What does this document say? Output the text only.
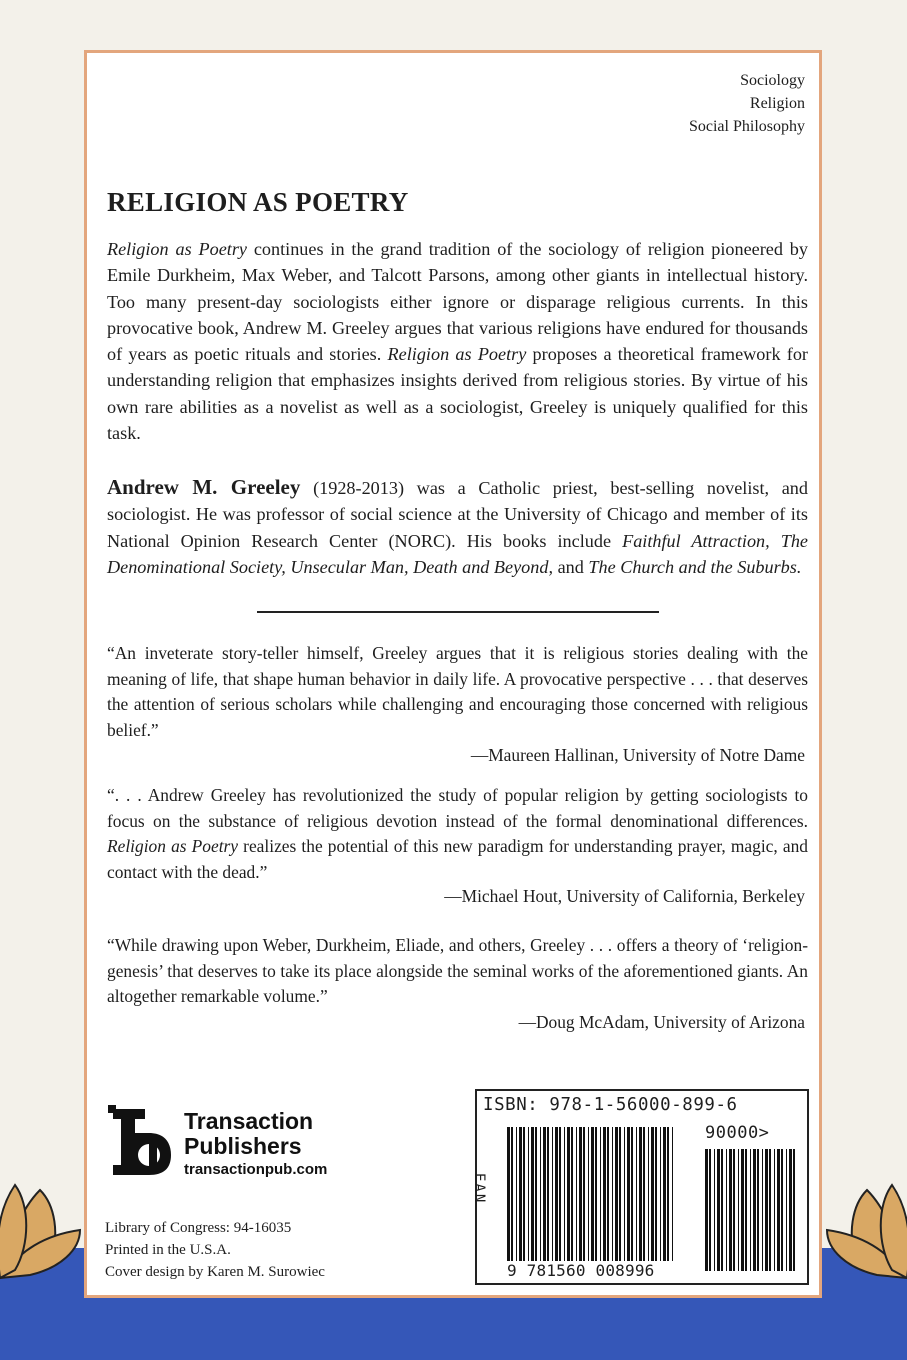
Sociology
Religion
Social Philosophy
RELIGION AS POETRY

Religion as Poetry continues in the grand tradition of the sociology of religion pioneered by Emile Durkheim, Max Weber, and Talcott Parsons, among other giants in intellectual history. Too many present-day sociologists either ignore or disparage religious currents. In this provocative book, Andrew M. Greeley argues that various religions have endured for thousands of years as poetic rituals and stories. Religion as Poetry proposes a theoretical framework for understanding religion that emphasizes insights derived from religious stories. By virtue of his own rare abilities as a novelist as well as a sociologist, Greeley is uniquely qualified for this task.

Andrew M. Greeley (1928-2013) was a Catholic priest, best-selling novelist, and sociologist. He was professor of social science at the University of Chicago and member of its National Opinion Research Center (NORC). His books include Faithful Attraction, The Denominational Society, Unsecular Man, Death and Beyond, and The Church and the Suburbs.

“An inveterate story-teller himself, Greeley argues that it is religious stories dealing with the meaning of life, that shape human behavior in daily life. A provocative perspective . . . that deserves the attention of serious scholars while challenging and encouraging those concerned with religious belief.”

—Maureen Hallinan, University of Notre Dame

“. . . Andrew Greeley has revolutionized the study of popular religion by getting sociologists to focus on the substance of religious devotion instead of the formal denominational differences. Religion as Poetry realizes the potential of this new paradigm for understanding prayer, magic, and contact with the dead.”

—Michael Hout, University of California, Berkeley

“While drawing upon Weber, Durkheim, Eliade, and others, Greeley . . . offers a theory of ‘religion-genesis’ that deserves to take its place alongside the seminal works of the aforementioned giants. An altogether remarkable volume.”

—Doug McAdam, University of Arizona

Transaction
Publishers
transactionpub.com
Library of Congress: 94-16035
Printed in the U.S.A.
Cover design by Karen M. Surowiec
ISBN: 978-1-56000-899-6
EAN
90000>
9 781560 008996
